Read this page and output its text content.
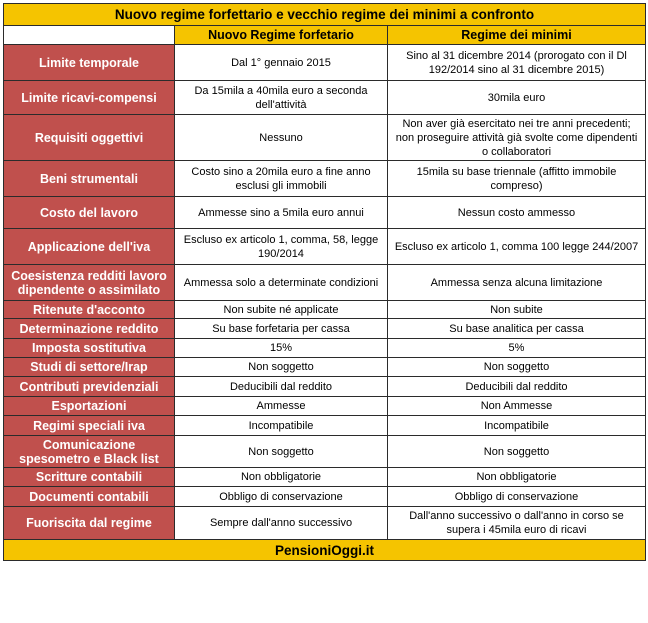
Nuovo regime forfettario e vecchio regime dei minimi a confronto		
	Nuovo Regime forfetario	Regime dei minimi
Limite temporale	Dal 1° gennaio 2015	Sino al 31 dicembre 2014 (prorogato con il Dl 192/2014 sino al 31 dicembre 2015)
Limite ricavi-compensi	Da 15mila a 40mila euro a seconda dell'attività	30mila euro
Requisiti oggettivi	Nessuno	Non aver già esercitato nei tre anni precedenti; non proseguire attività già svolte come dipendenti o collaboratori
Beni strumentali	Costo sino a 20mila euro a fine anno esclusi gli immobili	15mila su base triennale (affitto immobile compreso)
Costo del lavoro	Ammesse sino a 5mila euro annui	Nessun costo ammesso
Applicazione dell'iva	Escluso ex articolo 1, comma, 58, legge 190/2014	Escluso ex articolo 1, comma 100 legge 244/2007
Coesistenza redditi lavoro dipendente o assimilato	Ammessa solo a determinate condizioni	Ammessa senza alcuna limitazione
Ritenute d'acconto	Non subite né applicate	Non subite
Determinazione reddito	Su base forfetaria per cassa	Su base analitica per cassa
Imposta sostitutiva	15%	5%
Studi di settore/Irap	Non soggetto	Non soggetto
Contributi previdenziali	Deducibili dal reddito	Deducibili dal reddito
Esportazioni	Ammesse	Non Ammesse
Regimi speciali iva	Incompatibile	Incompatibile
Comunicazione spesometro e Black list	Non soggetto	Non soggetto
Scritture contabili	Non obbligatorie	Non obbligatorie
Documenti contabili	Obbligo di conservazione	Obbligo di conservazione
Fuoriscita dal regime	Sempre dall'anno successivo	Dall'anno successivo o dall'anno in corso se supera i 45mila euro di ricavi
PensioniOggi.it		
